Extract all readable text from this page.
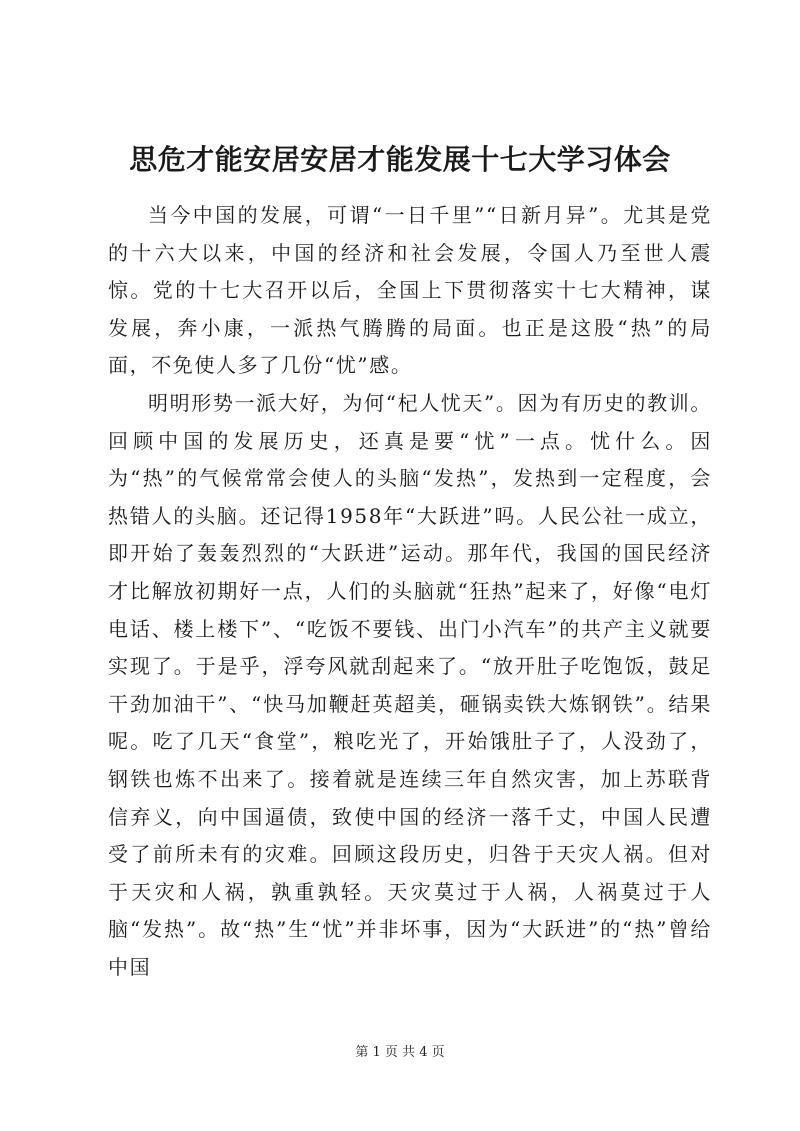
思危才能安居安居才能发展十七大学习体会

当今中国的发展，可谓“一日千里”“日新月异”。尤其是党的十六大以来，中国的经济和社会发展，令国人乃至世人震惊。党的十七大召开以后，全国上下贯彻落实十七大精神，谋发展，奔小康，一派热气腾腾的局面。也正是这股“热”的局面，不免使人多了几份“忧”感。

明明形势一派大好，为何“杞人忧天”。因为有历史的教训。回顾中国的发展历史，还真是要“忧”一点。忧什么。因为“热”的气候常常会使人的头脑“发热”，发热到一定程度，会热错人的头脑。还记得1958年“大跃进”吗。人民公社一成立，即开始了轰轰烈烈的“大跃进”运动。那年代，我国的国民经济才比解放初期好一点，人们的头脑就“狂热”起来了，好像“电灯电话、楼上楼下”、“吃饭不要钱、出门小汽车”的共产主义就要实现了。于是乎，浮夸风就刮起来了。“放开肚子吃饱饭，鼓足干劲加油干”、“快马加鞭赶英超美，砸锅卖铁大炼钢铁”。结果呢。吃了几天“食堂”，粮吃光了，开始饿肚子了，人没劲了，钢铁也炼不出来了。接着就是连续三年自然灾害，加上苏联背信弃义，向中国逼债，致使中国的经济一落千丈，中国人民遭受了前所未有的灾难。回顾这段历史，归咎于天灾人祸。但对于天灾和人祸，孰重孰轻。天灾莫过于人祸，人祸莫过于人脑“发热”。故“热”生“忧”并非坏事，因为“大跃进”的“热”曾给中国

第 1 页 共 4 页
